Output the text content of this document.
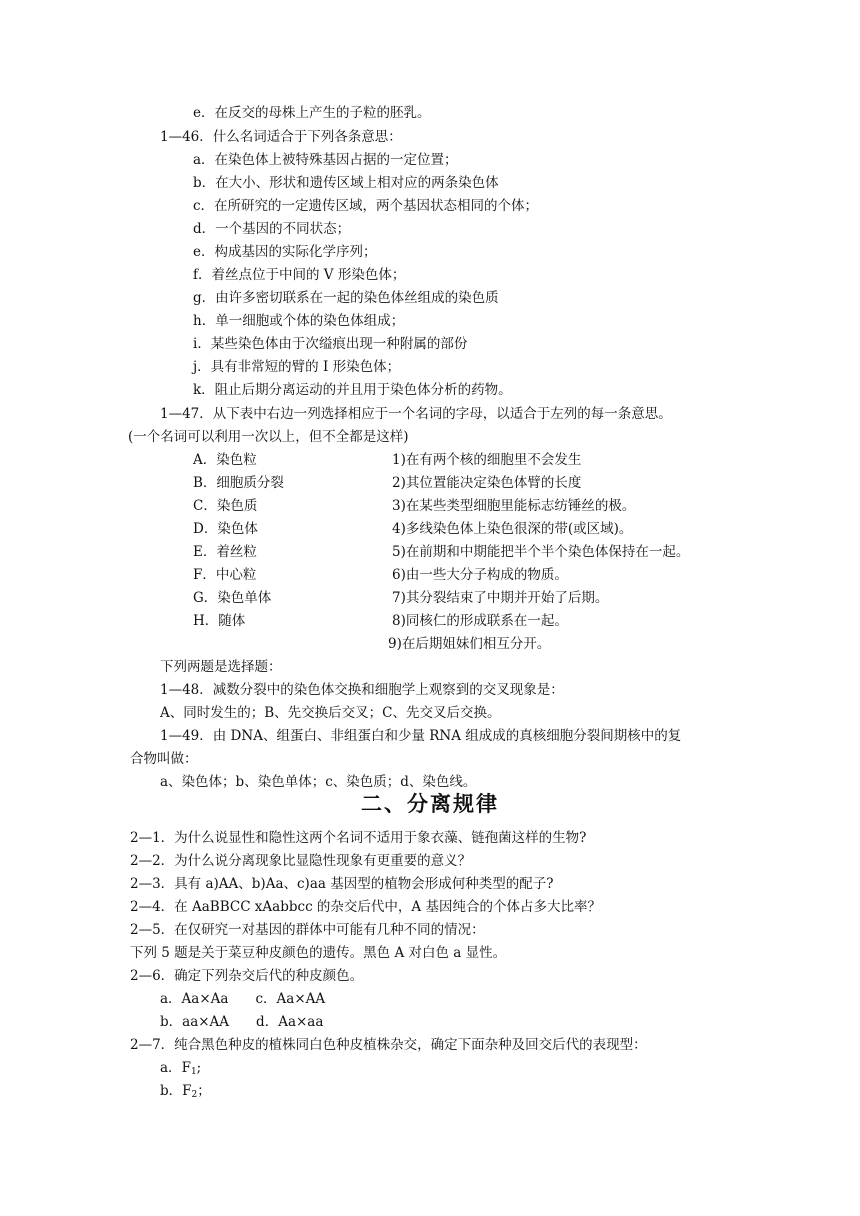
e．在反交的母株上产生的子粒的胚乳。
1—46．什么名词适合于下列各条意思：
a．在染色体上被特殊基因占据的一定位置；
b．在大小、形状和遗传区域上相对应的两条染色体
c．在所研究的一定遗传区域，两个基因状态相同的个体；
d．一个基因的不同状态；
e．构成基因的实际化学序列；
f．着丝点位于中间的 V 形染色体；
g．由许多密切联系在一起的染色体丝组成的染色质
h．单一细胞或个体的染色体组成；
i．某些染色体由于次缢痕出现一种附属的部份
j．具有非常短的臂的 I 形染色体；
k．阻止后期分离运动的并且用于染色体分析的药物。
1—47．从下表中右边一列选择相应于一个名词的字母，以适合于左列的每一条意思。
(一个名词可以利用一次以上，但不全都是这样)
A．染色粒
B．细胞质分裂
C．染色质
D．染色体
E．着丝粒
F．中心粒
G．染色单体
H．随体
1)在有两个核的细胞里不会发生
2)其位置能决定染色体臂的长度
3)在某些类型细胞里能标志纺锤丝的极。
4)多线染色体上染色很深的带(或区域)。
5)在前期和中期能把半个半个染色体保持在一起。
6)由一些大分子构成的物质。
7)其分裂结束了中期并开始了后期。
8)同核仁的形成联系在一起。
9)在后期姐妹们相互分开。
下列两题是选择题：
1—48．减数分裂中的染色体交换和细胞学上观察到的交叉现象是：
A、同时发生的；B、先交换后交叉；C、先交叉后交换。
1—49．由 DNA、组蛋白、非组蛋白和少量 RNA 组成成的真核细胞分裂间期核中的复
合物叫做：
a、染色体；b、染色单体；c、染色质；d、染色线。
二、分离规律
2—1．为什么说显性和隐性这两个名词不适用于象衣藻、链孢菌这样的生物?
2—2．为什么说分离现象比显隐性现象有更重要的意义？
2—3．具有 a)AA、b)Aa、c)aa 基因型的植物会形成何种类型的配子?
2—4．在 AaBBCC xAabbcc 的杂交后代中，A 基因纯合的个体占多大比率？
2—5．在仅研究一对基因的群体中可能有几种不同的情况：
下列 5 题是关于菜豆种皮颜色的遗传。黑色 A 对白色 a 显性。
2—6．确定下列杂交后代的种皮颜色。
a．Aa×Aa　　c．Aa×AA
b．aa×AA　　d．Aa×aa
2—7．纯合黑色种皮的植株同白色种皮植株杂交，确定下面杂种及回交后代的表现型：
a．$F_1$;
b．$F_2$；
